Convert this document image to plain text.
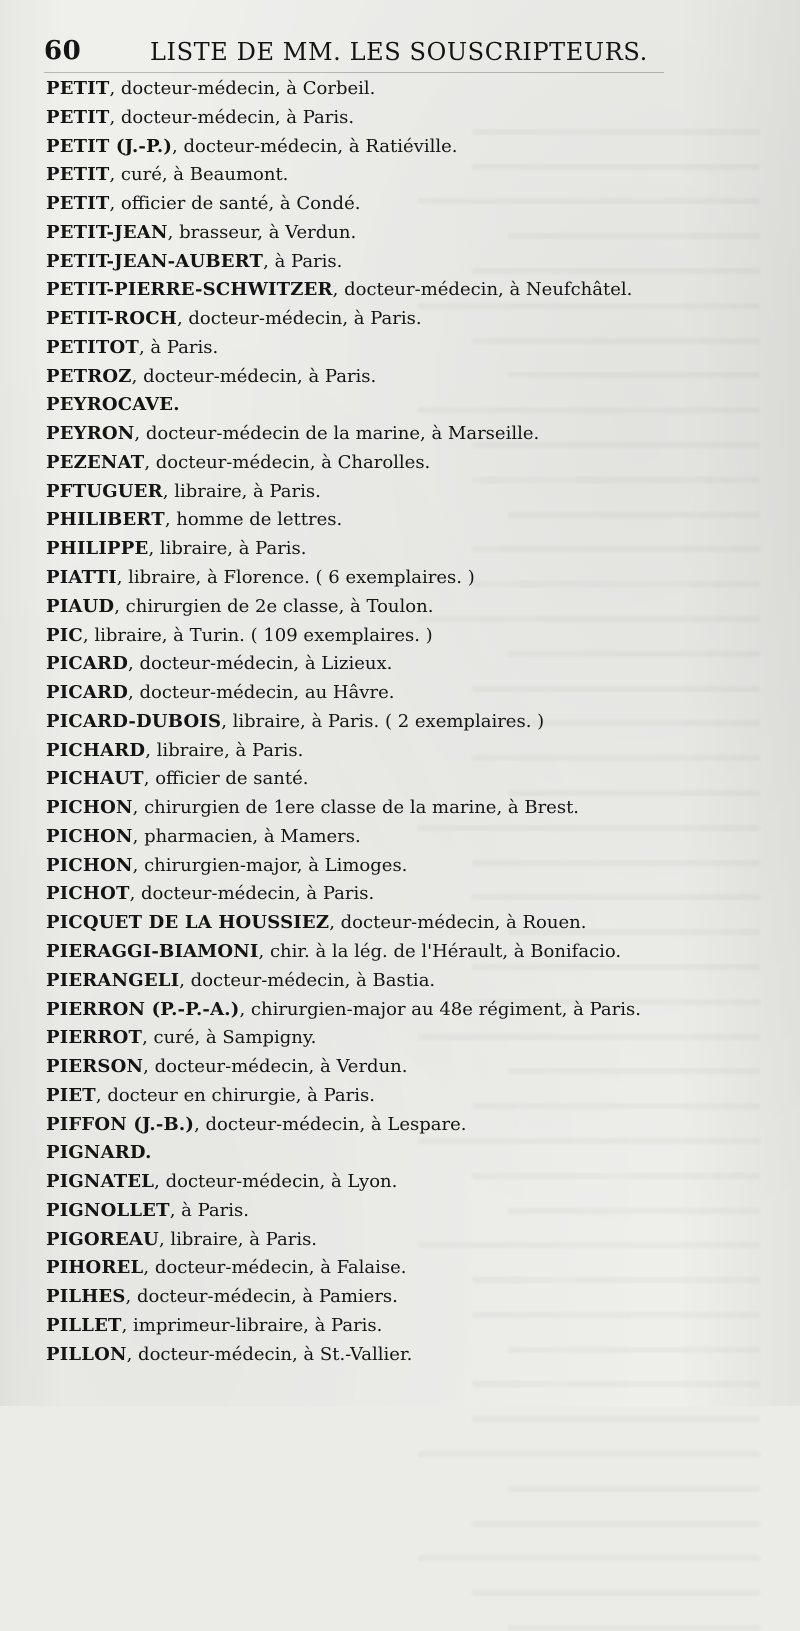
60	LISTE DE MM. LES SOUSCRIPTEURS.
PETIT, docteur-médecin, à Corbeil.
PETIT, docteur-médecin, à Paris.
PETIT (J.-P.), docteur-médecin, à Ratiéville.
PETIT, curé, à Beaumont.
PETIT, officier de santé, à Condé.
PETIT-JEAN, brasseur, à Verdun.
PETIT-JEAN-AUBERT, à Paris.
PETIT-PIERRE-SCHWITZER, docteur-médecin, à Neufchâtel.
PETIT-ROCH, docteur-médecin, à Paris.
PETITOT, à Paris.
PETROZ, docteur-médecin, à Paris.
PEYROCAVE.
PEYRON, docteur-médecin de la marine, à Marseille.
PEZENAT, docteur-médecin, à Charolles.
PFTUGUER, libraire, à Paris.
PHILIBERT, homme de lettres.
PHILIPPE, libraire, à Paris.
PIATTI, libraire, à Florence. ( 6 exemplaires. )
PIAUD, chirurgien de 2e classe, à Toulon.
PIC, libraire, à Turin. ( 109 exemplaires. )
PICARD, docteur-médecin, à Lizieux.
PICARD, docteur-médecin, au Hâvre.
PICARD-DUBOIS, libraire, à Paris. ( 2 exemplaires. )
PICHARD, libraire, à Paris.
PICHAUT, officier de santé.
PICHON, chirurgien de 1ere classe de la marine, à Brest.
PICHON, pharmacien, à Mamers.
PICHON, chirurgien-major, à Limoges.
PICHOT, docteur-médecin, à Paris.
PICQUET DE LA HOUSSIEZ, docteur-médecin, à Rouen.
PIERAGGI-BIAMONI, chir. à la lég. de l'Hérault, à Bonifacio.
PIERANGELI, docteur-médecin, à Bastia.
PIERRON (P.-P.-A.), chirurgien-major au 48e régiment, à Paris.
PIERROT, curé, à Sampigny.
PIERSON, docteur-médecin, à Verdun.
PIET, docteur en chirurgie, à Paris.
PIFFON (J.-B.), docteur-médecin, à Lespare.
PIGNARD.
PIGNATEL, docteur-médecin, à Lyon.
PIGNOLLET, à Paris.
PIGOREAU, libraire, à Paris.
PIHOREL, docteur-médecin, à Falaise.
PILHES, docteur-médecin, à Pamiers.
PILLET, imprimeur-libraire, à Paris.
PILLON, docteur-médecin, à St.-Vallier.
